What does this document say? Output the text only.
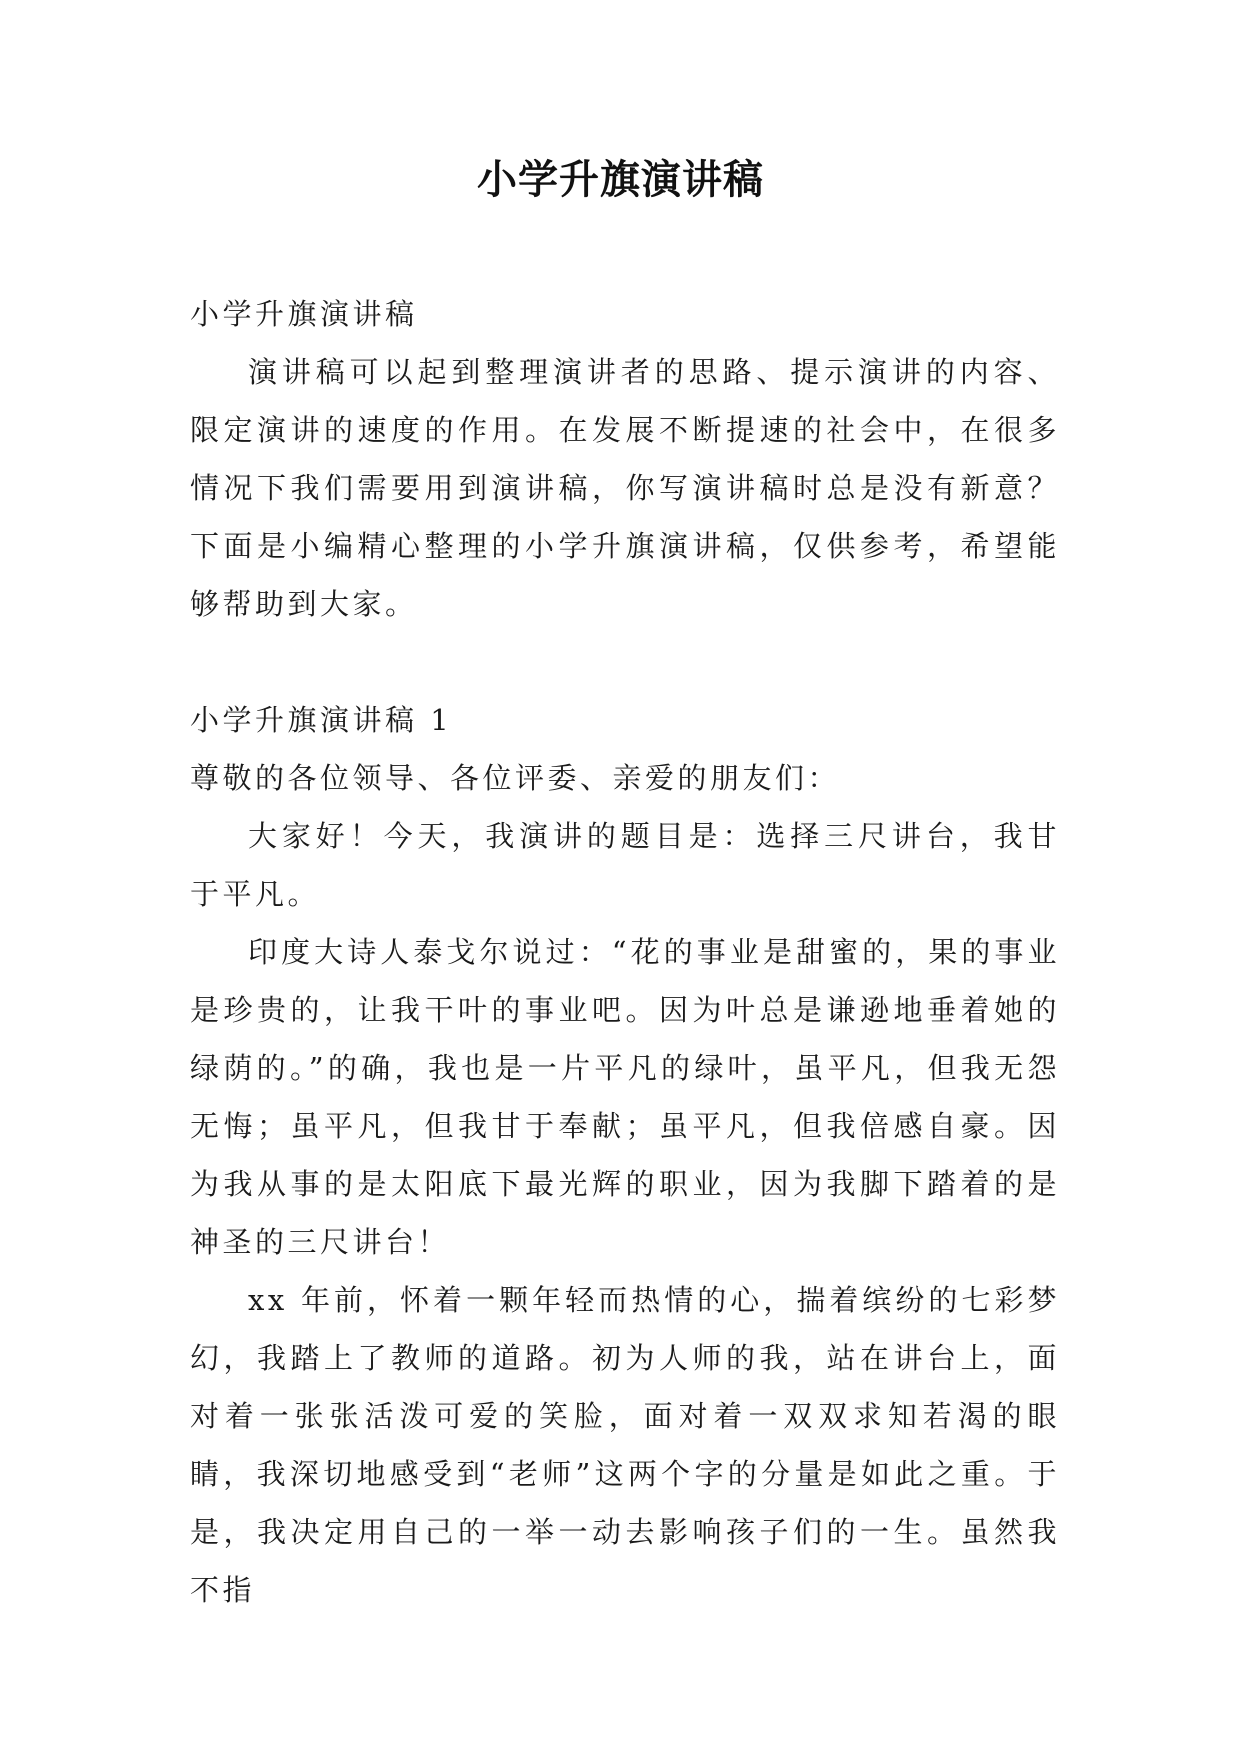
小学升旗演讲稿

小学升旗演讲稿

演讲稿可以起到整理演讲者的思路、提示演讲的内容、限定演讲的速度的作用。在发展不断提速的社会中，在很多情况下我们需要用到演讲稿，你写演讲稿时总是没有新意？下面是小编精心整理的小学升旗演讲稿，仅供参考，希望能够帮助到大家。

小学升旗演讲稿 1

尊敬的各位领导、各位评委、亲爱的朋友们：

大家好！今天，我演讲的题目是：选择三尺讲台，我甘于平凡。

印度大诗人泰戈尔说过：“花的事业是甜蜜的，果的事业是珍贵的，让我干叶的事业吧。因为叶总是谦逊地垂着她的绿荫的。”的确，我也是一片平凡的绿叶，虽平凡，但我无怨无悔；虽平凡，但我甘于奉献；虽平凡，但我倍感自豪。因为我从事的是太阳底下最光辉的职业，因为我脚下踏着的是神圣的三尺讲台！

xx 年前，怀着一颗年轻而热情的心，揣着缤纷的七彩梦幻，我踏上了教师的道路。初为人师的我，站在讲台上，面对着一张张活泼可爱的笑脸，面对着一双双求知若渴的眼睛，我深切地感受到“老师”这两个字的分量是如此之重。于是，我决定用自己的一举一动去影响孩子们的一生。虽然我不指
